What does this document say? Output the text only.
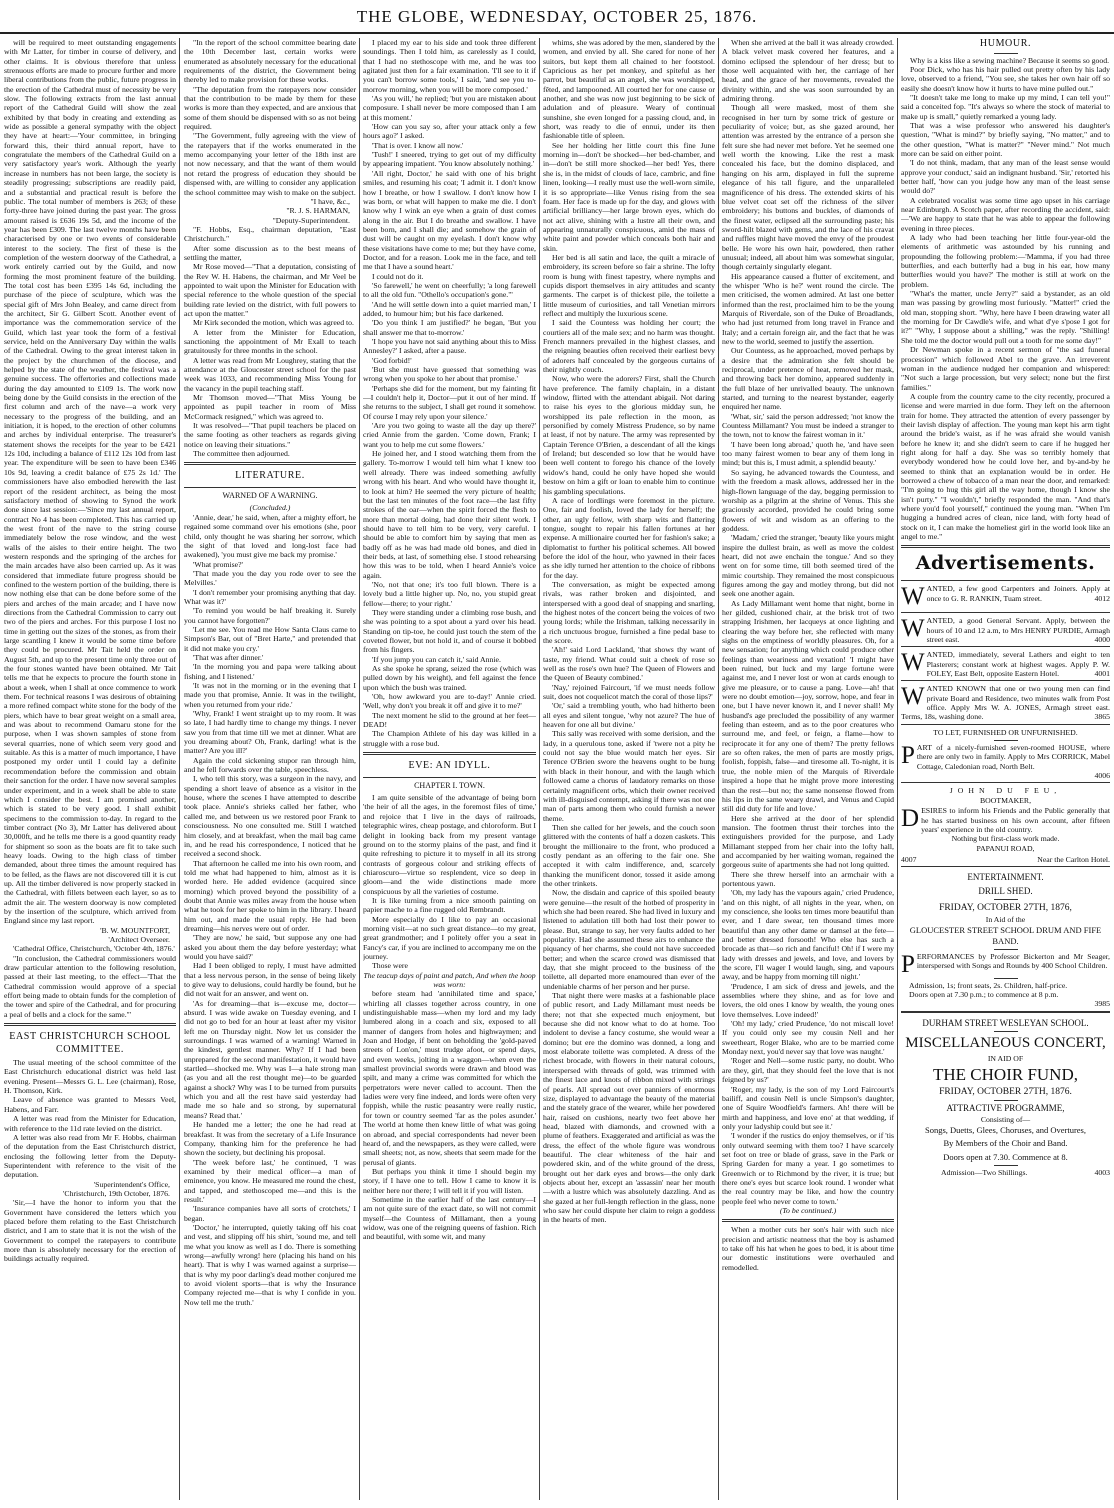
THE GLOBE, WEDNESDAY, OCTOBER 25, 1876.

will be required to meet outstanding engagements with Mr Latter, for timber in course of delivery, and other claims. It is obvious therefore that unless strenuous efforts are made to procure further and more liberal contributions from the public, future progress in the erection of the Cathedral must of necessity be very slow. The following extracts from the last annual report of the Cathedral Guild will show the zeal exhibited by that body in creating and extending as wide as possible a general sympathy with the object they have at heart:—'Your committee, in bringing forward this, their third annual report, have to congratulate the members of the Cathedral Guild on a very satisfactory year's work. Although the yearly increase in numbers has not been large, the society is steadily progressing; subscriptions are readily paid, and a substantial and practical result is before the public. The total number of members is 263; of these forty-three have joined during the past year. The gross amount raised is £636 19s 5d, and the income of the year has been £309. The last twelve months have been characterised by one or two events of considerable interest to the society. The first of these is the completion of the western doorway of the Cathedral, a work entirely carried out by the Guild, and now forming the most prominent feature of the building. The total cost has been £395 14s 6d, including the purchase of the piece of sculpture, which was the special gift of Mrs John Bealey, and came direct from the architect, Sir G. Gilbert Scott. Another event of importance was the commemoration service of the Guild, which last year took the form of a festival service, held on the Anniversary Day within the walls of the Cathedral. Owing to the great interest taken in the project by the churchmen of the diocese, and helped by the state of the weather, the festival was a genuine success. The offertories and collections made during the day amounted to £109 1s. The work now being done by the Guild consists in the erection of the first column and arch of the nave—a work very necessary to the progress of the building, and an initiation, it is hoped, to the erection of other columns and arches by individual enterprise. The treasurer's statement shows the receipts for the year to be £421 12s 10d, including a balance of £112 12s 10d from last year. The expenditure will be seen to have been £346 10s 9d, leaving a credit balance of £75 2s 1d.' The commissioners have also embodied herewith the last report of the resident architect, as being the most satisfactory method of showing to Synod the work done since last session:—'Since my last annual report, contract No 4 has been completed. This has carried up the west front of the nave to the string course immediately below the rose window, and the west walls of the aisles to their entire height. The two western responds and the springing of the arches for the main arcades have also been carried up. As it was considered that immediate future progress should be confined to the western portion of the building, there is now nothing else that can be done before some of the piers and arches of the main arcade; and I have now directions from the Cathedral Commission to carry out two of the piers and arches. For this purpose I lost no time in getting out the sizes of the stones, as from their large scantling I knew it would be some time before they could be procured. Mr Tait held the order on August 5th, and up to the present time only three out of the four stones wanted have been obtained. Mr Tait tells me that he expects to procure the fourth stone in about a week, when I shall at once commence to work them. For technical reasons I was desirous of obtaining a more refined compact white stone for the body of the piers, which have to bear great weight on a small area, and was about to recommend Oamaru stone for the purpose, when I was shown samples of stone from several quarries, none of which seem very good and suitable. As this is a matter of much importance, I have postponed my order until I could lay a definite recommendation before the commission and obtain their sanction for the order. I have now several samples under experiment, and in a week shall be able to state which I consider the best. I am promised another, which is stated to be very good. I shall exhibit specimens to the commission to-day. In regard to the timber contract (No 3), Mr Latter has delivered about 30,000ft, and he tells me there is a good quantity ready for shipment so soon as the boats are fit to take such heavy loads. Owing to the high class of timber demanded, about three times the amount required has to be felled, as the flaws are not discovered till it is cut up. All the timber delivered is now properly stacked in the Cathedral, with fillets between each layer, so as to admit the air. The western doorway is now completed by the insertion of the sculpture, which arrived from England since my last report.

'B. W. MOUNTFORT,
'Architect Overseer.

'Cathedral Office, Christchurch, 'October 4th, 1876.'

"In conclusion, the Cathedral commissioners would draw particular attention to the following resolution, passed at their last meeting, to the effect—'That the Cathedral commission would approve of a special effort being made to obtain funds for the completion of the tower and spire of the Cathedral, and for procuring a peal of bells and a clock for the same.'"

EAST CHRISTCHURCH SCHOOL COMMITTEE.

The usual meeting of the school committee of the East Christchurch educational district was held last evening. Present—Messrs G. L. Lee (chairman), Rose, H. Thomson, Kirk.

Leave of absence was granted to Messrs Veel, Habens, and Farr.

A letter was read from the Minister for Education, with reference to the 11d rate levied on the district.

A letter was also read from Mr F. Hobbs, chairman of the deputation from the East Christchurch district, enclosing the following letter from the Deputy-Superintendent with reference to the visit of the deputation.

'Superintendent's Office,
'Christchurch, 19th October, 1876.

'Sir,—I have the honor to inform you that the Government have considered the letters which you placed before them relating to the East Christchurch district, and I am to state that it is not the wish of the Government to compel the ratepayers to contribute more than is absolutely necessary for the erection of buildings actually required.

"In the report of the school committee bearing date the 10th December last, certain works were enumerated as absolutely necessary for the educational requirements of the district, the Government being thereby led to make provision for these works.

"The deputation from the ratepayers now consider that the contribution to be made by them for these works is more than they expected, and are anxious that some of them should be dispensed with so as not being required.

"The Government, fully agreeing with the view of the ratepayers that if the works enumerated in the memo accompanying your letter of the 18th inst are not now necessary, and that the want of them would not retard the progress of education they should be dispensed with, are willing to consider any application the school committee may wish to make on the subject.

"I have, &c.,
"R. J. S. HARMAN,
"Deputy-Superintendent.

"F. Hobbs, Esq., chairman deputation, "East Christchurch."

After some discussion as to the best means of settling the matter,

Mr Rose moved—"That a deputation, consisting of the Rev W. H. Habens, the chairman, and Mr Veel be appointed to wait upon the Minister for Education with special reference to the whole question of the special building rate levied on the district, with full powers to act upon the matter."

Mr Kirk seconded the motion, which was agreed to.

A letter from the Minister for Education, sanctioning the appointment of Mr Exall to teach gratuitously for three months in the school.

A letter was read from Mr Loughrey, stating that the attendance at the Gloucester street school for the past week was 1033, and recommending Miss Young for the vacancy in the pupil teaching staff.

Mr Thomson moved—"That Miss Young be appointed as pupil teacher in room of Miss McCormack resigned," which was agreed to.

It was resolved—"That pupil teachers be placed on the same footing as other teachers as regards giving notice on leaving their situations."

The committee then adjourned.

LITERATURE.
WARNED OF A WARNING.
(Concluded.)

'Annie, dear,' he said, when, after a mighty effort, he regained some command over his emotions (she, poor child, only thought he was sharing her sorrow, which the sight of that loved and long-lost face had awakened), 'you must give me back my promise.'

'What promise?'

'That made you the day you rode over to see the Melvilles.'

'I don't remember your promising anything that day. What was it?'

'To remind you would be half breaking it. Surely you cannot have forgotten?'

'Let me see. You read me How Santa Claus came to Simpson's Bar, out of "Bret Harte," and pretended that it did not make you cry.'

'That was after dinner.'

'In the morning you and papa were talking about fishing, and I listened.'

'It was not in the morning or in the evening that I made you that promise, Annie. It was in the twilight, when you returned from your ride.'

'Why, Frank! I went straight up to my room. It was so late, I had hardly time to change my things. I never saw you from that time till we met at dinner. What are you dreaming about? Oh, Frank, darling! what is the matter? Are you ill?'

Again the cold sickening stupor ran through him, and he fell forwards over the table, speechless.

I, who tell this story, was a surgeon in the navy, and spending a short leave of absence as a visitor in the house, where the scenes I have attempted to describe took place. Annie's shrieks called her father, who called me, and between us we restored poor Frank to consciousness. No one consulted me. Still I watched him closely, and at breakfast, when the mail bag came in, and he read his correspondence, I noticed that he received a second shock.

That afternoon he called me into his own room, and told me what had happened to him, almost as it is worded here. He added evidence (acquired since morning) which proved beyond the possibility of a doubt that Annie was miles away from the house when what he took for her spoke to him in the library. I heard him out, and made the usual reply. He had been dreaming—his nerves were out of order.

'They are now,' he said, 'but suppose any one had asked you about them the day before yesterday; what would you have said?'

Had I been obliged to reply, I must have admitted that a less nervous person, in the sense of being likely to give way to delusions, could hardly be found, but he did not wait for an answer, and went on.

'As for dreaming—that is—excuse me, doctor—absurd. I was wide awake on Tuesday evening, and I did not go to bed for an hour at least after my visitor left me on Thursday night. Now let us consider the surroundings. I was warned of a warning! Warned in the kindest, gentlest manner. Why? If I had been unprepared for the second manifestation, it would have startled—shocked me. Why was I—a hale strong man (as you and all the rest thought me)—to be guarded against a shock? Why was I to be turned from pursuits which you and all the rest have said yesterday had made me so hale and so strong, by supernatural means? Read that.'

He handed me a letter; the one he had read at breakfast. It was from the secretary of a Life Insurance Company, thanking him for the preference he had shown the society, but declining his proposal.

'The week before last,' he continued, 'I was examined by their medical officer—a man of eminence, you know. He measured me round the chest, and tapped, and stethoscoped me—and this is the result.'

'Insurance companies have all sorts of crotchets,' I began.

'Doctor,' he interrupted, quietly taking off his coat and vest, and slipping off his shirt, 'sound me, and tell me what you know as well as I do. There is something wrong—awfully wrong! here (placing his hand on his heart). That is why I was warned against a surprise—that is why my poor darling's dead mother conjured me to avoid violent sports—that is why the Insurance Company rejected me—that is why I confide in you. Now tell me the truth.'

I placed my ear to his side and took three different soundings. Then I told him, as carelessly as I could, that I had no stethoscope with me, and he was too agitated just then for a fair examination. 'I'll see to it if you can't borrow some tools,' I said, 'and see you to-morrow morning, when you will be more composed.'

'As you will,' he replied; 'but you are mistaken about composure. I shall never be more composed than I am at this moment.'

'How can you say so, after your attack only a few hours ago?' I asked.

'That is over. I know all now.'

'Tush!' I sneered, trying to get out of my difficulty by appearing impatient. 'You know absolutely nothing.'

'All right, Doctor,' he said with one of his bright smiles, and resuming his coat; 'I admit it. I don't know how I breathe, or how I swallow. I don't know how I was born, or what will happen to make me die. I don't know why I wink an eye when a grain of dust comes along in the air. But I do breathe and swallow. I have been born, and I shall die; and somehow the grain of dust will be caught on my eyelash. I don't know why these visitations have come to me; but they have come, Doctor, and for a reason. Look me in the face, and tell me that I have a sound heart.'

I could not do it.

'So farewell,' he went on cheerfully; 'a long farewell to all the old fun. "Othello's occupation's gone."'

'And he will settle down into a quiet married man,' I added, to humour him; but his face darkened.

'Do you think I am justified?' he began, 'But you shall answer me that to-morrow.'

'I hope you have not said anything about this to Miss Annesley?' I asked, after a pause.

'God forbid!'

'But she must have guessed that something was wrong when you spoke to her about that promise.'

'Perhaps she did for the moment, but my fainting fit—I couldn't help it, Doctor—put it out of her mind. If she returns to the subject, I shall get round it somehow. Of course I may rely upon your silence.'

'Are you two going to waste all the day up there?' cried Annie from the garden. 'Come down, Frank; I want you to help me cut some flowers.'

He joined her, and I stood watching them from the gallery. To-morrow I would tell him what I knew too well already. There was indeed something awfully wrong with his heart. And who would have thought it, to look at him? He seemed the very picture of health; but the last ten minutes of the foot race—the last fifty strokes of the oar—when the spirit forced the flesh to more than mortal doing, had done their silent work. I should have to tell him to be very, very careful. I should be able to comfort him by saying that men as badly off as he was had made old bones, and died in their beds, at last, of something else. I stood rehearsing how this was to be told, when I heard Annie's voice again.

'No, not that one; it's too full blown. There is a lovely bud a little higher up. No, no, you stupid great fellow—there; to your right.'

They were standing under a climbing rose bush, and she was pointing to a spot about a yard over his head. Standing on tip-toe, he could just touch the stem of the coveted flower, but not hold it, and of course it bobbed from his fingers.

'If you jump you can catch it,' said Annie.

As she spoke he sprang, seized the rose (which was pulled down by his weight), and fell against the fence upon which the bush was trained.

'Oh, how awkward you are to-day!' Annie cried. 'Well, why don't you break it off and give it to me?'

The next moment he slid to the ground at her feet—DEAD!

The Champion Athlete of his day was killed in a struggle with a rose bud.

EVE: AN IDYLL.
CHAPTER I. TOWN.

I am quite sensible of the advantage of being born 'the heir of all the ages, in the foremost files of time,' and rejoice that I live in the days of railroads, telegraphic wires, cheap postage, and chloroform. But I delight in looking back from my present vantage ground on to the stormy plains of the past, and find it quite refreshing to picture it to myself in all its strong contrasts of gorgeous colour and striking effects of chiaroscuro—virtue so resplendent, vice so deep in gloom—and the wide distinctions made more conspicuous by all the varieties of costume.

It is like turning from a nice smooth painting on papier mache to a fine rugged old Rembrandt.

More especially do I like to pay an occasional morning visit—at no such great distance—to my great, great grandmother; and I politely offer you a seat in Fancy's car, if you are inclined to accompany me on the journey.

Those were

The teacup days of paint and patch, And when the hoop was worn:

before steam had 'annihilated time and space,' whirling all classes together across country, in one undistinguishable mass—when my lord and my lady lumbered along in a coach and six, exposed to all manner of dangers from holes and highwaymen; and Joan and Hodge, if bent on beholding the 'gold-paved streets of Lon'on,' must trudge afoot, or spend days, and even weeks, jolting in a waggon—when even the smallest provincial swords were drawn and blood was spilt, and many a crime was committed for which the perpetrators were never called to account. Then the ladies were very fine indeed, and lords were often very foppish, while the rustic peasantry were really rustic, for town or country seemed 'far as the poles asunder.' The world at home then knew little of what was going on abroad, and special correspondents had never been heard of, and the newspapers, as they were called, were small sheets; not, as now, sheets that seem made for the perusal of giants.

But perhaps you think it time I should begin my story, if I have one to tell. How I came to know it is neither here nor there; I will tell it if you will listen.

Sometime in the earlier half of the last century—I am not quite sure of the exact date, so will not commit myself—the Countess of Millamant, then a young widow, was one of the reigning queens of fashion. Rich and beautiful, with some wit, and many

whims, she was adored by the men, slandered by the women, and envied by all. She cared for none of her suitors, but kept them all chained to her footstool. Capricious as her pet monkey, and spiteful as her parrot, but beautiful as an angel, she was worshipped, fêted, and lampooned. All courted her for one cause or another, and she was now just beginning to be sick of adulation and of pleasure. Weary of continual sunshine, she even longed for a passing cloud, and, in short, was ready to die of ennui, under its then fashionable title of spleen.

See her holding her little court this fine June morning in—don't be shocked—her bed-chamber, and in—don't be still more shocked—her bed! Yes, there she is, in the midst of clouds of lace, cambric, and fine linen, looking—I really must use the well-worn simile, it is so appropriate—like Venus rising from the sea foam. Her face is made up for the day, and glows with artificial brilliancy—her large brown eyes, which do not act alive, shining with a lustre all their own, and appearing unnaturally conspicuous, amid the mass of white paint and powder which conceals both hair and skin.

Her bed is all satin and lace, the quilt a miracle of embroidery, its screen before so fair a shrine. The lofty room is hung with finest tapestry, where nymphs and cupids disport themselves in airy attitudes and scanty garments. The carpet is of thickest pile, the toilette a little museum of curiosities, and tall Venetian mirrors reflect and multiply the luxurious scene.

I said the Countess was holding her court; the courtiers all of the male sex; and no harm was thought. French manners prevailed in the highest classes, and the reigning beauties often received their earliest bevy of adorers half concealed by the gorgeous curtains of their nightly couch.

Now, who were the adorers? First, shall the Church have preference. The family chaplain, in a distant window, flirted with the attendant abigail. Not daring to raise his eyes to the glorious midday sun, he worshipped its pale reflection in the moon, as personified by comely Mistress Prudence, so by name at least, if not by nature. The army was represented by Captain Terence O'Brien, a descendant of all the kings of Ireland; but descended so low that he would have been well content to forego his chance of the lovely widow's hand, could he only have hoped she would bestow on him a gift or loan to enable him to continue his gambling speculations.

A race of lordlings were foremost in the picture. One, fair and foolish, loved the lady for herself; the other, an ugly fellow, with sharp wits and flattering tongue, sought to repair his fallen fortunes at her expense. A millionaire courted her for fashion's sake; a diplomatist to further his political schemes. All bowed before the idol of the hour, who yawned in their faces as she idly turned her attention to the choice of ribbons for the day.

The conversation, as might be expected among rivals, was rather broken and disjointed, and interspersed with a good deal of snapping and snarling, the highest notes of the concert being the voices of two young lords; while the Irishman, talking necessarily in a rich unctuous brogue, furnished a fine pedal base to the score.

'Ah!' said Lord Lackland, 'that shows thy want of taste, my friend. What could suit a cheek of rose so well as the rose's own hue? The Queen of Flowers and the Queen of Beauty combined.'

'Nay,' rejoined Faircourt, 'if we must needs follow suit, does not coquelicot match the coral of those lips?'

'Or,' said a trembling youth, who had hitherto been all eyes and silent tongue, 'why not azure? The hue of heaven for one all but divine.'

This sally was received with some derision, and the lady, in a querulous tone, asked if 'twere not a pity he could not say the blue would match her eyes. Sir Terence O'Brien swore the heavens ought to be hung with black in their honour, and with the laugh which followed came a chorus of laudatory remarks on those certainly magnificent orbs, which their owner received with ill-disguised contempt, asking if there was not one man of parts among them who could furnish a newer theme.

Then she called for her jewels, and the couch soon glittered with the contents of half a dozen caskets. This brought the millionaire to the front, who produced a costly pendant as an offering to the fair one. She accepted it with calm indifference, and, scarcely thanking the munificent donor, tossed it aside among the other trinkets.

Now, the disdain and caprice of this spoiled beauty were genuine—the result of the hotbed of prosperity in which she had been reared. She had lived in luxury and listened to adulation till both had lost their power to please. But, strange to say, her very faults added to her popularity. Had she assumed these airs to enhance the piquancy of her charms, she could not have succeeded better; and when the scarce crowd was dismissed that day, that she might proceed to the business of the toilette, all departed more enamoured than ever of the undeniable charms of her person and her purse.

That night there were masks at a fashionable place of public resort, and Lady Millamant must needs be there; not that she expected much enjoyment, but because she did not know what to do at home. Too indolent to devise a fancy costume, she would wear a domino; but ere the domino was donned, a long and most elaborate toilette was completed. A dress of the richest brocade, with flowers in their natural colours, interspersed with threads of gold, was trimmed with the finest lace and knots of ribbon mixed with strings of pearls. All spread out over panniers of enormous size, displayed to advantage the beauty of the material and the stately grace of the wearer, while her powdered hair, raised on cushions, nearly two feet above her head, blazed with diamonds, and crowned with a plume of feathers. Exaggerated and artificial as was the dress, the effect of the whole figure was wondrous beautiful. The clear whiteness of the hair and powdered skin, and of the white ground of the dress, brought out her dark eyes and brows—the only dark objects about her, except an 'assassin' near her mouth—with a lustre which was absolutely dazzling. And as she gazed at her full-length reflection in the glass, none who saw her could dispute her claim to reign a goddess in the hearts of men.

When she arrived at the ball it was already crowded. A black velvet mask covered her features, and a domino eclipsed the splendour of her dress; but to those well acquainted with her, the carriage of her head, and the grace of her movements, revealed the divinity within, and she was soon surrounded by an admiring throng.

Though all were masked, most of them she recognised in her turn by some trick of gesture or peculiarity of voice; but, as she gazed around, her attention was arrested by the entrance of a person she felt sure she had never met before. Yet he seemed one well worth the knowing. Like the rest a mask concealed his face, but the domino displaced, and hanging on his arm, displayed in full the supreme elegance of his tall figure, and the unparalleled magnificence of his dress. The extended skirts of his blue velvet coat set off the richness of the silver embroidery; his buttons and buckles, of diamonds of the finest water, eclipsed all the surrounding paste; his sword-hilt blazed with gems, and the lace of his cravat and ruffles might have moved the envy of the proudest belle. He wore his own hair, powdered, then rather unusual; indeed, all about him was somewhat singular, though certainly singularly elegant.

His appearance caused a flutter of excitement, and the whisper 'Who is he?' went round the circle. The men criticised, the women admired. At last one better informed than the rest, proclaimed him to be the young Marquis of Riverdale, son of the Duke of Broadlands, who had just returned from long travel in France and Italy; and a certain foreign air, and the fact that he was new to the world, seemed to justify the assertion.

Our Countess, as he approached, moved perhaps by a desire that the admiration she felt should be reciprocal, under pretence of heat, removed her mask, and throwing back her domino, appeared suddenly in the full blaze of her unrivalled beauty. The unknown started, and turning to the nearest bystander, eagerly enquired her name.

'What, sir,' said the person addressed; 'not know the Countess Millamant? You must be indeed a stranger to the town, not to know the fairest woman in it.'

'I have been long abroad,' quoth he, 'and have seen too many fairest women to bear any of them long in mind; but this is, I must admit, a splendid beauty.'

So saying, he advanced towards the Countess, and with the freedom a mask allows, addressed her in the high-flown language of the day, begging permission to worship as a pilgrim at the shrine of Venus. This she graciously accorded, provided he could bring some flowers of wit and wisdom as an offering to the goddess.

'Madam,' cried the stranger, 'beauty like yours might inspire the dullest brain, as well as move the coldest heart, did not awe enchain the tongue.' And so they went on for some time, till both seemed tired of the mimic courtship. They remained the most conspicuous figures among the gay and motley throng, but did not seek one another again.

As Lady Millamant went home that night, borne in her gilded, cushioned chair, at the brisk trot of two strapping Irishmen, her lacqueys at once lighting and clearing the way before her, she reflected with many sighs on the emptiness of worldly pleasures. Oh, for a new sensation; for anything which could produce other feelings than weariness and vexation! 'I might have been ruined, but luck and my large fortune were against me, and I never lost or won at cards enough to give me pleasure, or to cause a pang. Love—ah! that were no doubt emotion—joy, sorrow, hope, and fear in one, but I have never known it, and I never shall! My husband's age precluded the possibility of any warmer feeling than esteem, and as to the poor creatures who surround me, and feel, or feign, a flame—how to reciprocate it for any one of them? The pretty fellows are so often rakes, the men of parts are mostly prigs, foolish, foppish, false—and tiresome all. To-night, it is true, the noble mien of the Marquis of Riverdale inspired a hope that he might prove more interesting than the rest—but no; the same nonsense flowed from his lips in the same weary drawl, and Venus and Cupid still did duty for life and love.'

Here she arrived at the door of her splendid mansion. The footmen thrust their torches into the extinguishers provided for the purpose, and Lady Millamant stepped from her chair into the lofty hall, and accompanied by her waiting woman, regained the gorgeous suite of apartments she had not long quitted.

There she threw herself into an armchair with a portentous yawn.

'Oh, my lady has the vapours again,' cried Prudence, 'and on this night, of all nights in the year, when, on my conscience, she looks ten times more beautiful than ever, and I dare swear, ten thousand times more beautiful than any other dame or damsel at the fete—and better dressed forsooth! Who else has such a brocade as that—so rich and fanciful! Oh! if I were my lady with dresses and jewels, and love, and lovers by the score, I'll wager I would laugh, sing, and vapours away, and be happy from morning till night.'

'Prudence, I am sick of dress and jewels, and the assemblies where they shine, and as for love and lovers, the old ones I know by wealth, the young ones love themselves. Love indeed!'

'Oh! my lady,' cried Prudence, 'do not miscall love! If you could only see my cousin Nell and her sweetheart, Roger Blake, who are to be married come Monday next, you'd never say that love was naught.'

'Roger and Nell—some rustic party, no doubt. Who are they, girl, that they should feel the love that is not feigned by us?'

'Roger, my lady, is the son of my Lord Faircourt's bailiff, and cousin Nell is uncle Simpson's daughter, one of Squire Woodfield's farmers. Ah! there will be mirth and happiness, and love eno' at that wedding, if only your ladyship could but see it.'

'I wonder if the rustics do enjoy themselves, or if 'tis only outward seeming with them too? I have scarcely set foot on tree or blade of grass, save in the Park or Spring Garden for many a year. I go sometimes to Greenwich or to Richmond by the river, it is true; but there one's eyes but scarce look round. I wonder what the real country may be like, and how the country people feel who never come to town.'

(To be continued.)

When a mother cuts her son's hair with such nice precision and artistic neatness that the boy is ashamed to take off his hat when he goes to bed, it is about time our domestic institutions were overhauled and remodelled.

HUMOUR.

Why is a kiss like a sewing machine? Because it seems so good.

Poor Dick, who has his hair pulled out pretty often by his lady love, observed to a friend, "You see, she takes her own hair off so easily she doesn't know how it hurts to have mine pulled out."

"It doesn't take me long to make up my mind, I can tell you!" said a conceited fop. "It's always so where the stock of material to make up is small," quietly remarked a young lady.

That was a wise professor who answered his daughter's question, "What is mind?" by briefly saying, "No matter," and to the other question, "What is matter?" "Never mind." Not much more can be said on either point.

'I do not think, madam, that any man of the least sense would approve your conduct,' said an indignant husband. 'Sir,' retorted his better half, 'how can you judge how any man of the least sense would do?'

A celebrated vocalist was some time ago upset in his carriage near Edinburgh. A Scotch paper, after recording the accident, said:—'We are happy to state that he was able to appear the following evening in three pieces.

A lady who had been teaching her little four-year-old the elements of arithmetic was astounded by his running and propounding the following problem:—'Mamma, if you had three butterflies, and each butterfly had a bug in his ear, how many butterflies would you have?' The mother is still at work on the problem.

"What's the matter, uncle Jerry?" said a bystander, as an old man was passing by growling most furiously. "Matter!" cried the old man, stopping short. "Why, here have I been drawing water all the morning for Dr Cawdle's wife, and what d'ye s'pose I got for it?" "Why, I suppose about a shilling," was the reply. "Shilling! She told me the doctor would pull out a tooth for me some day!"

Dr Newman spoke in a recent sermon of "the sad funeral procession" which followed Abel to the grave. An irreverent woman in the audience nudged her companion and whispered: "Not such a large procession, but very select; none but the first families."

A couple from the country came to the city recently, procured a license and were married in due form. They left on the afternoon train for home. They attracted the attention of every passenger by their lavish display of affection. The young man kept his arm tight around the bride's waist, as if he was afraid she would vanish before he knew it; and she didn't seem to care if he hugged her right along for half a day. She was so terribly homely that everybody wondered how he could love her, and by-and-by he seemed to think that an explanation would be in order. He borrowed a chew of tobacco of a man near the door, and remarked: "I'm going to hug this girl all the way home, though I know she isn't purty." "I wouldn't," briefly responded the man. "And that's where you'd fool yourself," continued the young man. "When I'm hugging a hundred acres of clean, nice land, with forty head of stock on it, I can make the homeliest girl in the world look like an angel to me."

Advertisements.

WANTED, a few good Carpenters and Joiners. Apply at once to G. R. RANKIN, Tuam street.	4012

WANTED, a good General Servant. Apply, between the hours of 10 and 12 a.m, to Mrs HENRY PURDIE, Armagh street east.	4000

WANTED, immediately, several Lathers and eight to ten Plasterers; constant work at highest wages. Apply P. W. FOLEY, East Belt, opposite Eastern Hotel.	4001

WANTED KNOWN that one or two young men can find private Board and Residence, two minutes walk from Post office. Apply Mrs W. A. JONES, Armagh street east. Terms, 18s, washing done.	3865

TO LET, FURNISHED OR UNFURNISHED.

PART of a nicely-furnished seven-roomed HOUSE, where there are only two in family. Apply to Mrs CORRICK, Mabel Cottage, Caledonian road, North Belt.

4006

JOHN DU FEU,

BOOTMAKER,

DESIRES to inform his Friends and the Public generally that he has started business on his own account, after fifteen years' experience in the old country.

Nothing but first-class work made.

PAPANUI ROAD,

4007	Near the Carlton Hotel.

ENTERTAINMENT.

DRILL SHED.

FRIDAY, OCTOBER 27TH, 1876,

In Aid of the

GLOUCESTER STREET SCHOOL DRUM AND FIFE BAND.

PERFORMANCES by Professor Bickerton and Mr Seager, interspersed with Songs and Rounds by 400 School Children.

Admission, 1s; front seats, 2s. Children, half-price.

Doors open at 7.30 p.m.; to commence at 8 p.m.

3985

DURHAM STREET WESLEYAN SCHOOL.

MISCELLANEOUS CONCERT,

IN AID OF

THE CHOIR FUND,

FRIDAY, OCTOBER 27TH, 1876.

ATTRACTIVE PROGRAMME,

Consisting of—

Songs, Duetts, Glees, Choruses, and Overtures,

By Members of the Choir and Band.

Doors open at 7.30. Commence at 8.

Admission—Two Shillings.	4003
